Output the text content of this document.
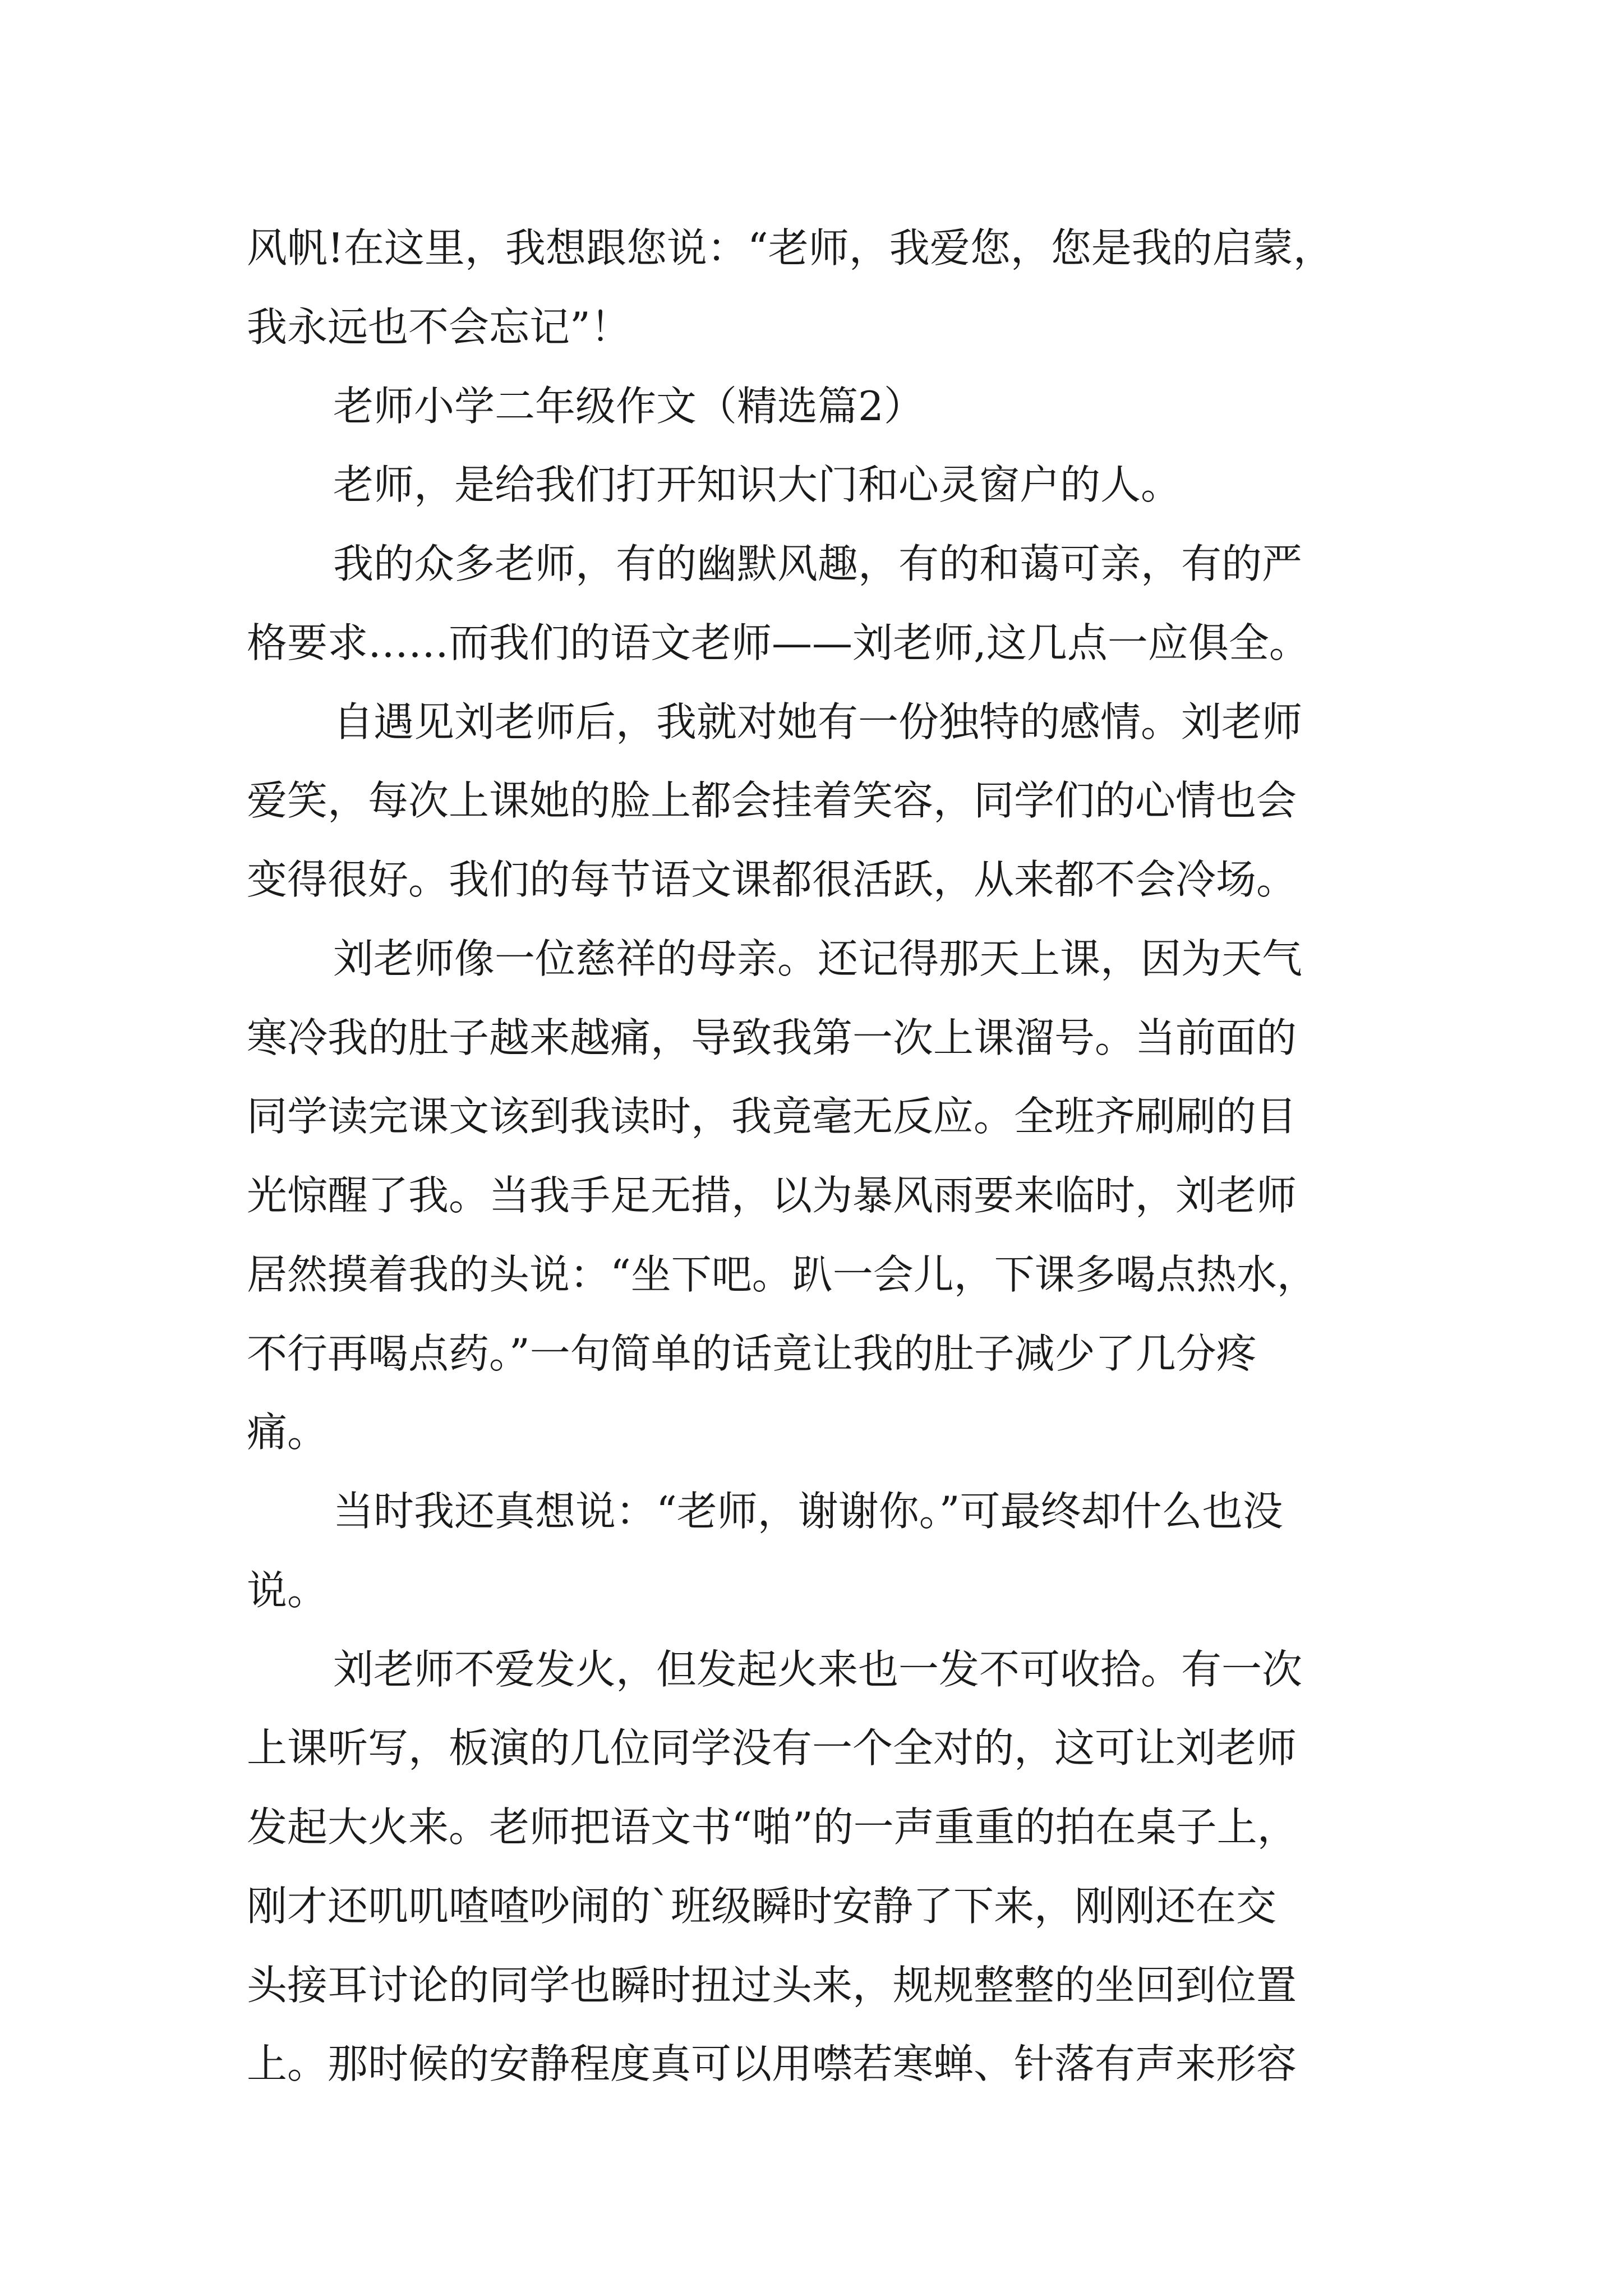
风帆!在这里，我想跟您说：“老师，我爱您，您是我的启蒙，
我永远也不会忘记”！
老师小学二年级作文（精选篇2）
老师，是给我们打开知识大门和心灵窗户的人。
我的众多老师，有的幽默风趣，有的和蔼可亲，有的严
格要求……而我们的语文老师——刘老师,这几点一应俱全。
自遇见刘老师后，我就对她有一份独特的感情。刘老师
爱笑，每次上课她的脸上都会挂着笑容，同学们的心情也会
变得很好。我们的每节语文课都很活跃，从来都不会冷场。
刘老师像一位慈祥的母亲。还记得那天上课，因为天气
寒冷我的肚子越来越痛，导致我第一次上课溜号。当前面的
同学读完课文该到我读时，我竟毫无反应。全班齐刷刷的目
光惊醒了我。当我手足无措，以为暴风雨要来临时，刘老师
居然摸着我的头说：“坐下吧。趴一会儿，下课多喝点热水，
不行再喝点药。”一句简单的话竟让我的肚子减少了几分疼
痛。
当时我还真想说：“老师，谢谢你。”可最终却什么也没
说。
刘老师不爱发火，但发起火来也一发不可收拾。有一次
上课听写，板演的几位同学没有一个全对的，这可让刘老师
发起大火来。老师把语文书“啪”的一声重重的拍在桌子上，
刚才还叽叽喳喳吵闹的`班级瞬时安静了下来，刚刚还在交
头接耳讨论的同学也瞬时扭过头来，规规整整的坐回到位置
上。那时候的安静程度真可以用噤若寒蝉、针落有声来形容
